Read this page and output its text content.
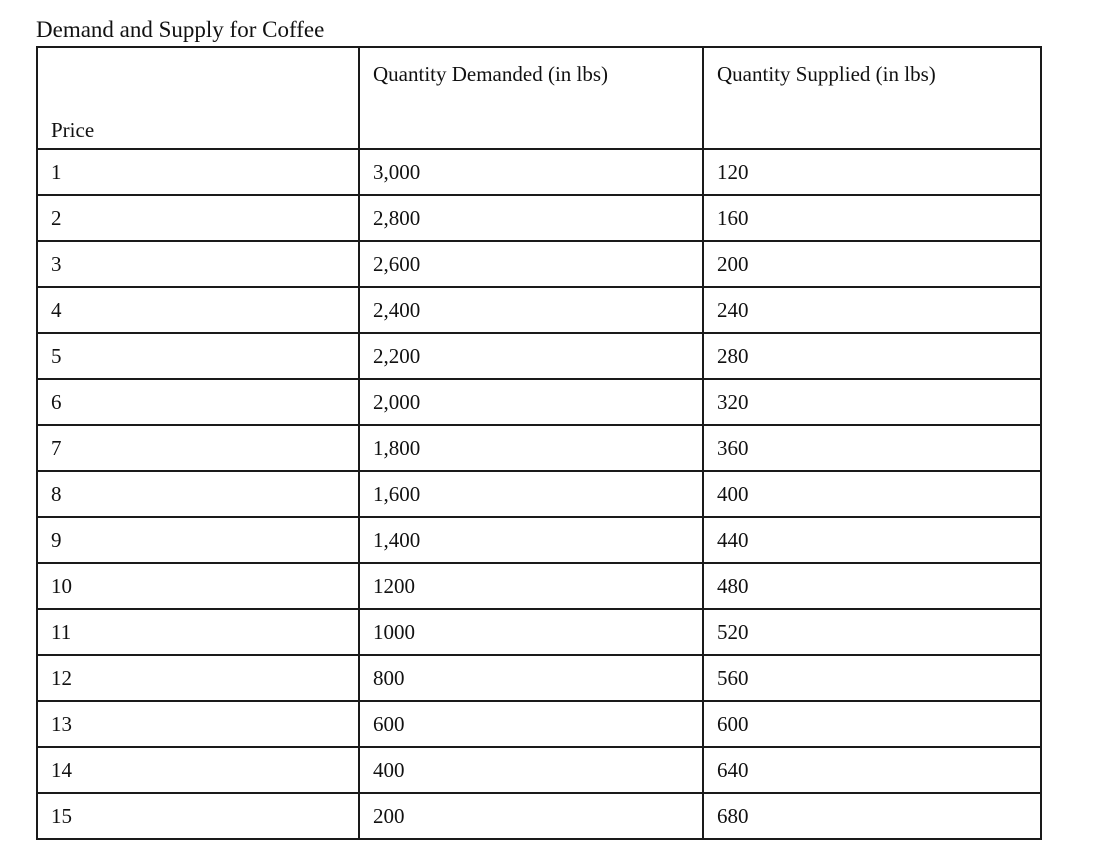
Demand and Supply for Coffee
Price	Quantity Demanded (in lbs)	Quantity Supplied (in lbs)
1	3,000	120
2	2,800	160
3	2,600	200
4	2,400	240
5	2,200	280
6	2,000	320
7	1,800	360
8	1,600	400
9	1,400	440
10	1200	480
11	1000	520
12	800	560
13	600	600
14	400	640
15	200	680
